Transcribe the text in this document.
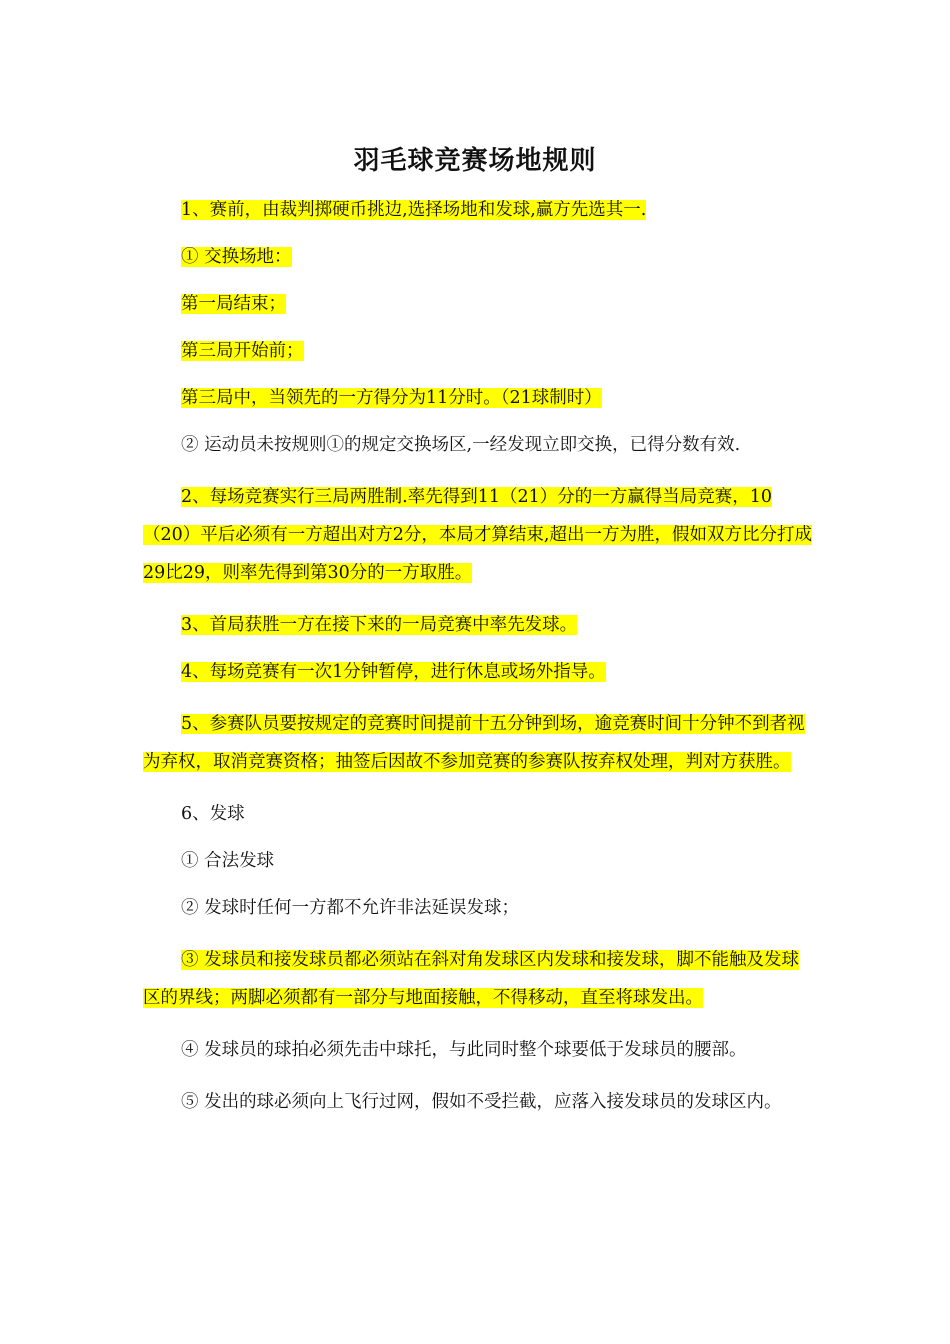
羽毛球竞赛场地规则

1、赛前，由裁判掷硬币挑边,选择场地和发球,赢方先选其一.

① 交换场地：

第一局结束；

第三局开始前；

第三局中，当领先的一方得分为11分时。（21球制时）

② 运动员未按规则①的规定交换场区,一经发现立即交换，已得分数有效.

2、每场竞赛实行三局两胜制.率先得到11（21）分的一方赢得当局竞赛，10（20）平后必须有一方超出对方2分，本局才算结束,超出一方为胜，假如双方比分打成29比29，则率先得到第30分的一方取胜。

3、首局获胜一方在接下来的一局竞赛中率先发球。

4、每场竞赛有一次1分钟暂停，进行休息或场外指导。

5、参赛队员要按规定的竞赛时间提前十五分钟到场，逾竞赛时间十分钟不到者视为弃权，取消竞赛资格；抽签后因故不参加竞赛的参赛队按弃权处理，判对方获胜。

6、发球

① 合法发球

② 发球时任何一方都不允许非法延误发球；

③ 发球员和接发球员都必须站在斜对角发球区内发球和接发球，脚不能触及发球区的界线；两脚必须都有一部分与地面接触，不得移动，直至将球发出。

④ 发球员的球拍必须先击中球托，与此同时整个球要低于发球员的腰部。

⑤ 发出的球必须向上飞行过网，假如不受拦截，应落入接发球员的发球区内。
